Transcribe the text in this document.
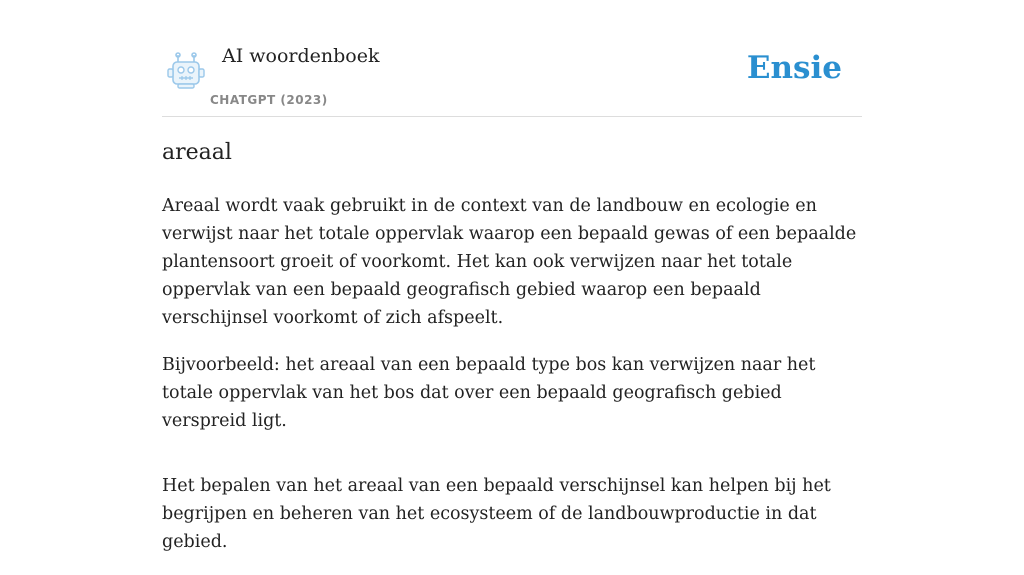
AI woordenboek
CHATGPT (2023)
Ensie
areaal

Areaal wordt vaak gebruikt in de context van de landbouw en ecologie en verwijst naar het totale oppervlak waarop een bepaald gewas of een bepaalde plantensoort groeit of voorkomt. Het kan ook verwijzen naar het totale oppervlak van een bepaald geografisch gebied waarop een bepaald verschijnsel voorkomt of zich afspeelt.

Bijvoorbeeld: het areaal van een bepaald type bos kan verwijzen naar het totale oppervlak van het bos dat over een bepaald geografisch gebied verspreid ligt.

Het bepalen van het areaal van een bepaald verschijnsel kan helpen bij het begrijpen en beheren van het ecosysteem of de landbouwproductie in dat gebied.
